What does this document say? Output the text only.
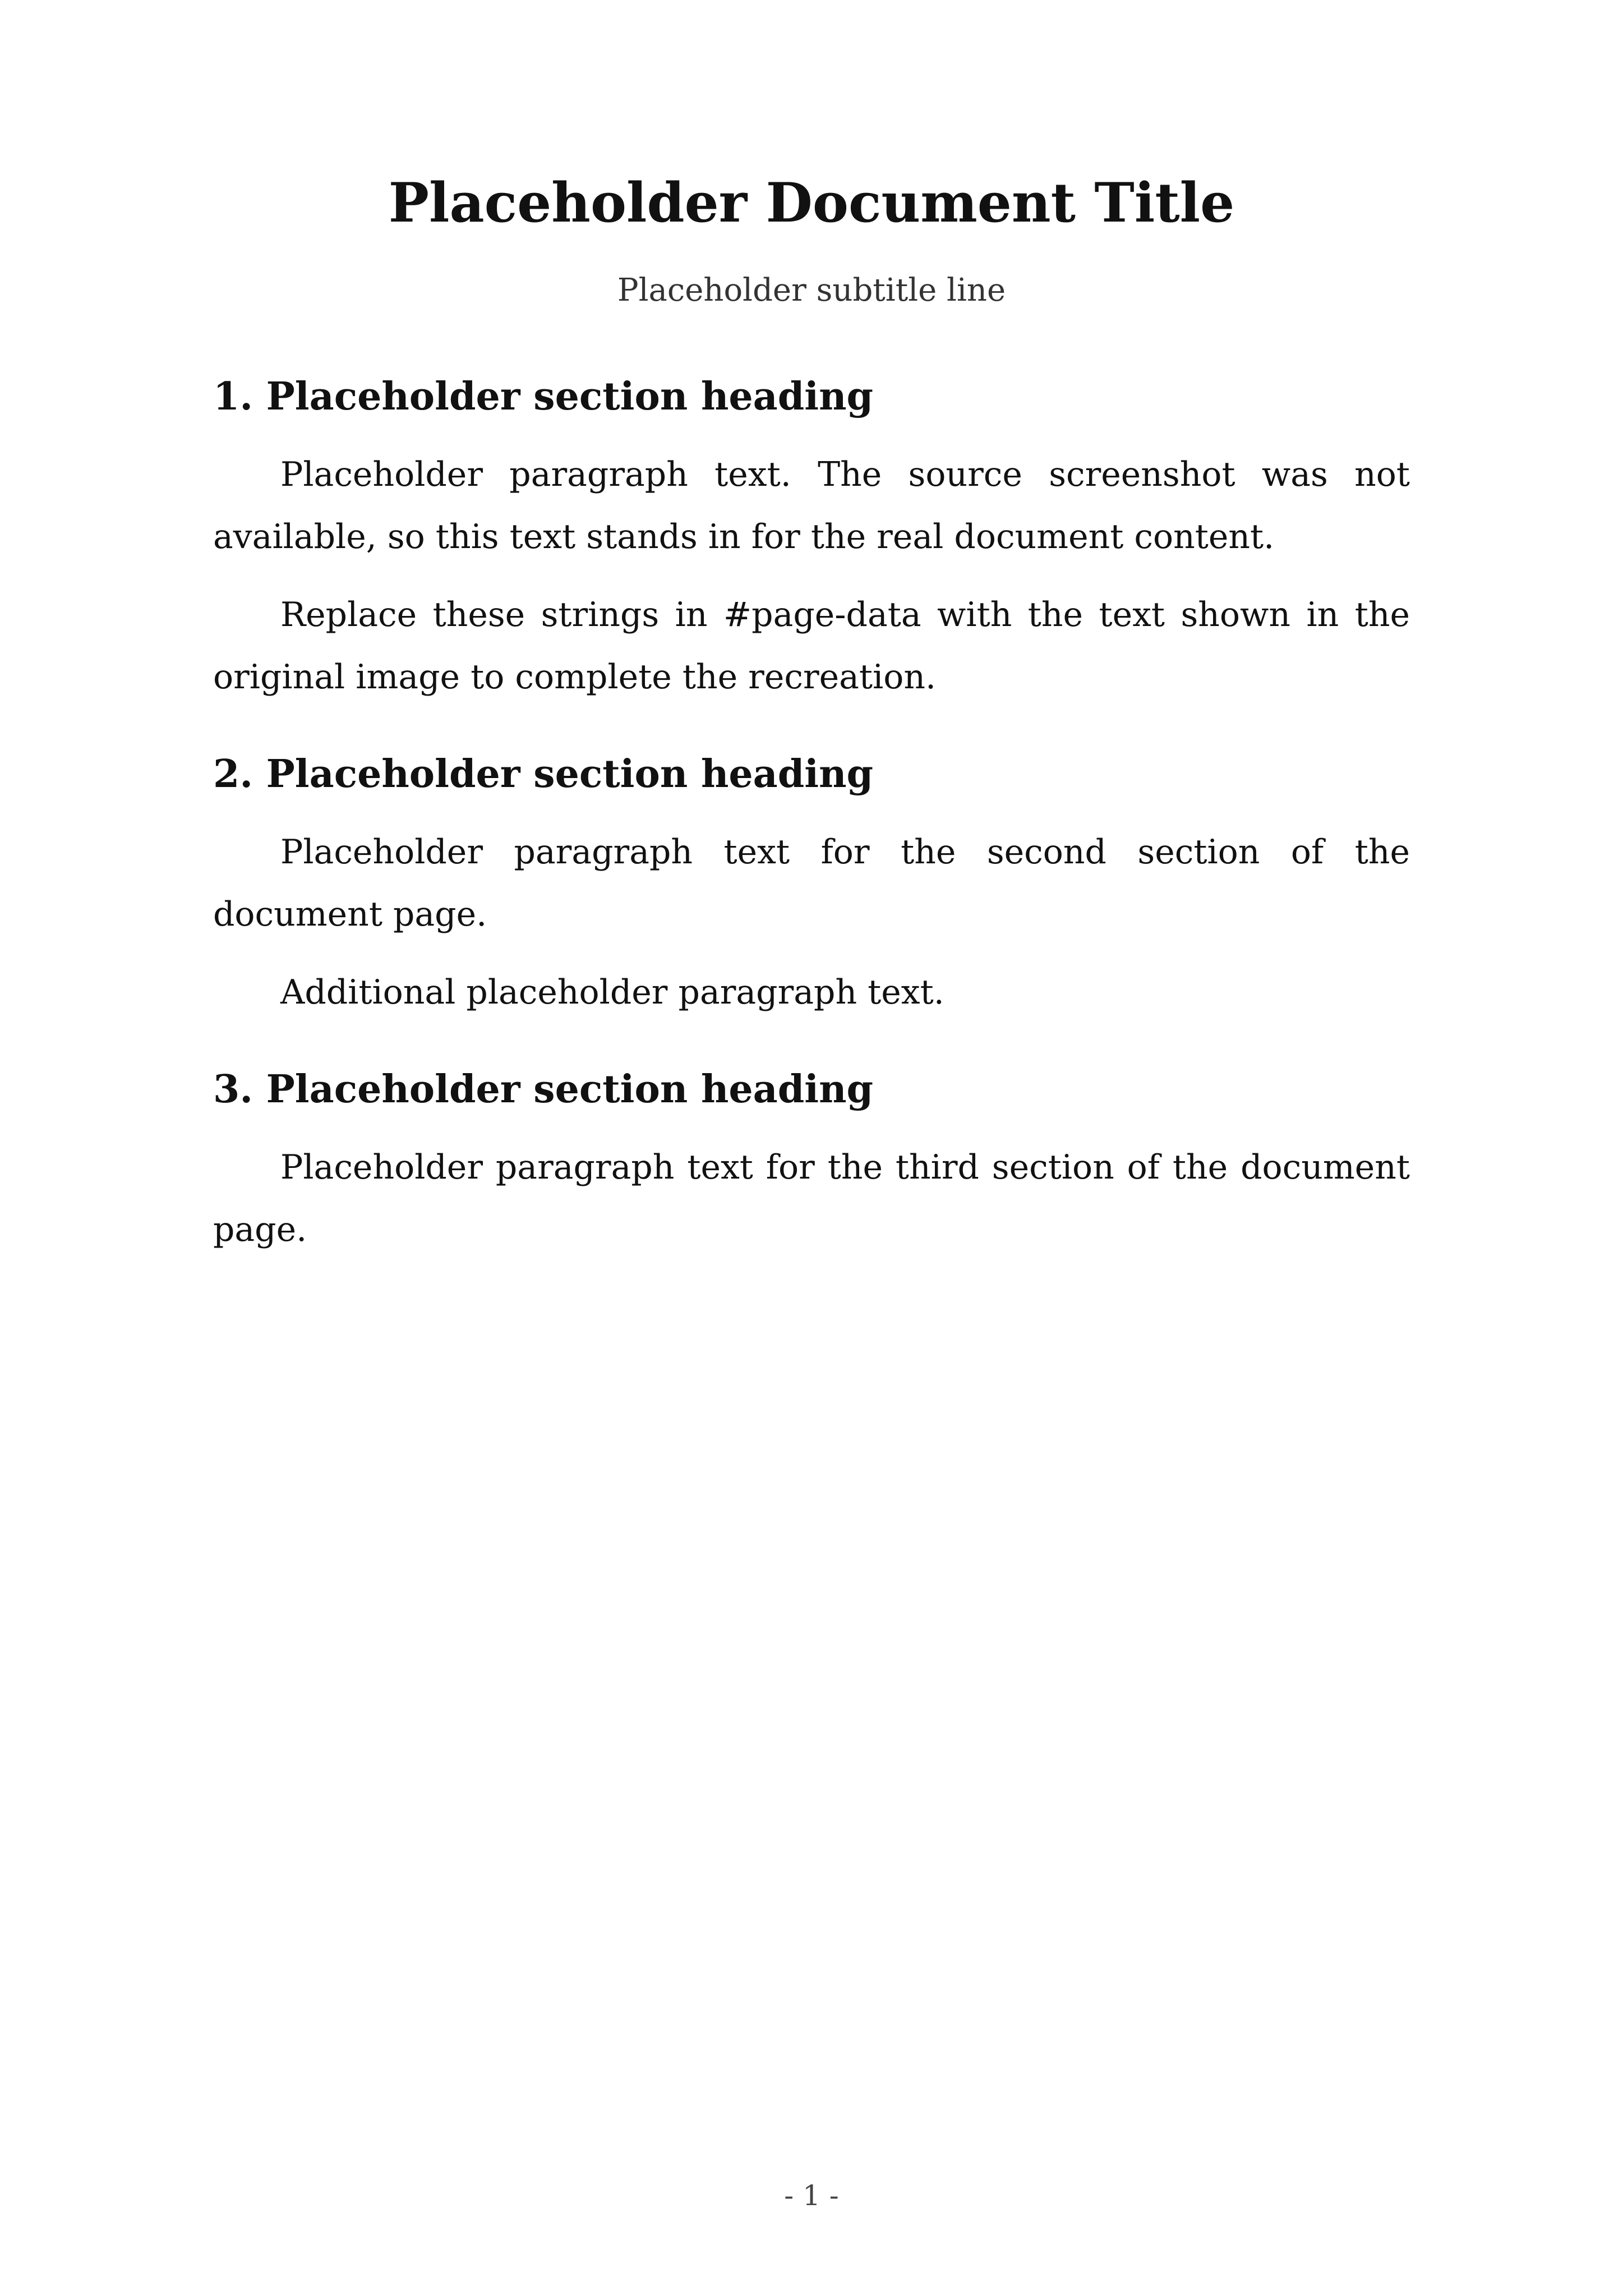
Placeholder Document Title
Placeholder subtitle line
1. Placeholder section heading

Placeholder paragraph text. The source screenshot was not available, so this text stands in for the real document content.

Replace these strings in #page-data with the text shown in the original image to complete the recreation.

2. Placeholder section heading

Placeholder paragraph text for the second section of the document page.

Additional placeholder paragraph text.

3. Placeholder section heading

Placeholder paragraph text for the third section of the document page.

- 1 -
